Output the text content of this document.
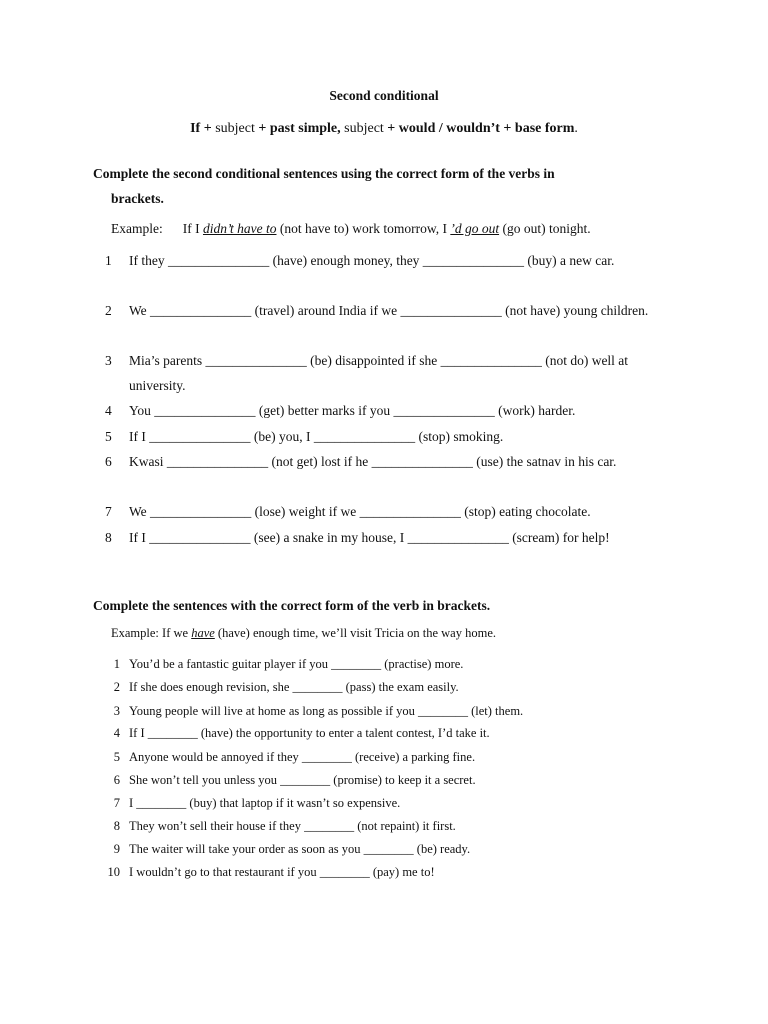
Second conditional
If + subject + past simple, subject + would / wouldn’t + base form.
Complete the second conditional sentences using the correct form of the verbs in
brackets.
Example: If I didn’t have to (not have to) work tomorrow, I ’d go out (go out) tonight.
1	If they _______________ (have) enough money, they _______________ (buy) a new car.
2	We _______________ (travel) around India if we _______________ (not have) young children.
3	Mia’s parents _______________ (be) disappointed if she _______________ (not do) well at university.
4	You _______________ (get) better marks if you _______________ (work) harder.
5	If I _______________ (be) you, I _______________ (stop) smoking.
6	Kwasi _______________ (not get) lost if he _______________ (use) the satnav in his car.
7	We _______________ (lose) weight if we _______________ (stop) eating chocolate.
8	If I _______________ (see) a snake in my house, I _______________ (scream) for help!
Complete the sentences with the correct form of the verb in brackets.
Example: If we have (have) enough time, we’ll visit Tricia on the way home.
1 You’d be a fantastic guitar player if you ________ (practise) more.
2 If she does enough revision, she ________ (pass) the exam easily.
3 Young people will live at home as long as possible if you ________ (let) them.
4 If I ________ (have) the opportunity to enter a talent contest, I’d take it.
5 Anyone would be annoyed if they ________ (receive) a parking fine.
6 She won’t tell you unless you ________ (promise) to keep it a secret.
7 I ________ (buy) that laptop if it wasn’t so expensive.
8 They won’t sell their house if they ________ (not repaint) it first.
9 The waiter will take your order as soon as you ________ (be) ready.
10 I wouldn’t go to that restaurant if you ________ (pay) me to!
